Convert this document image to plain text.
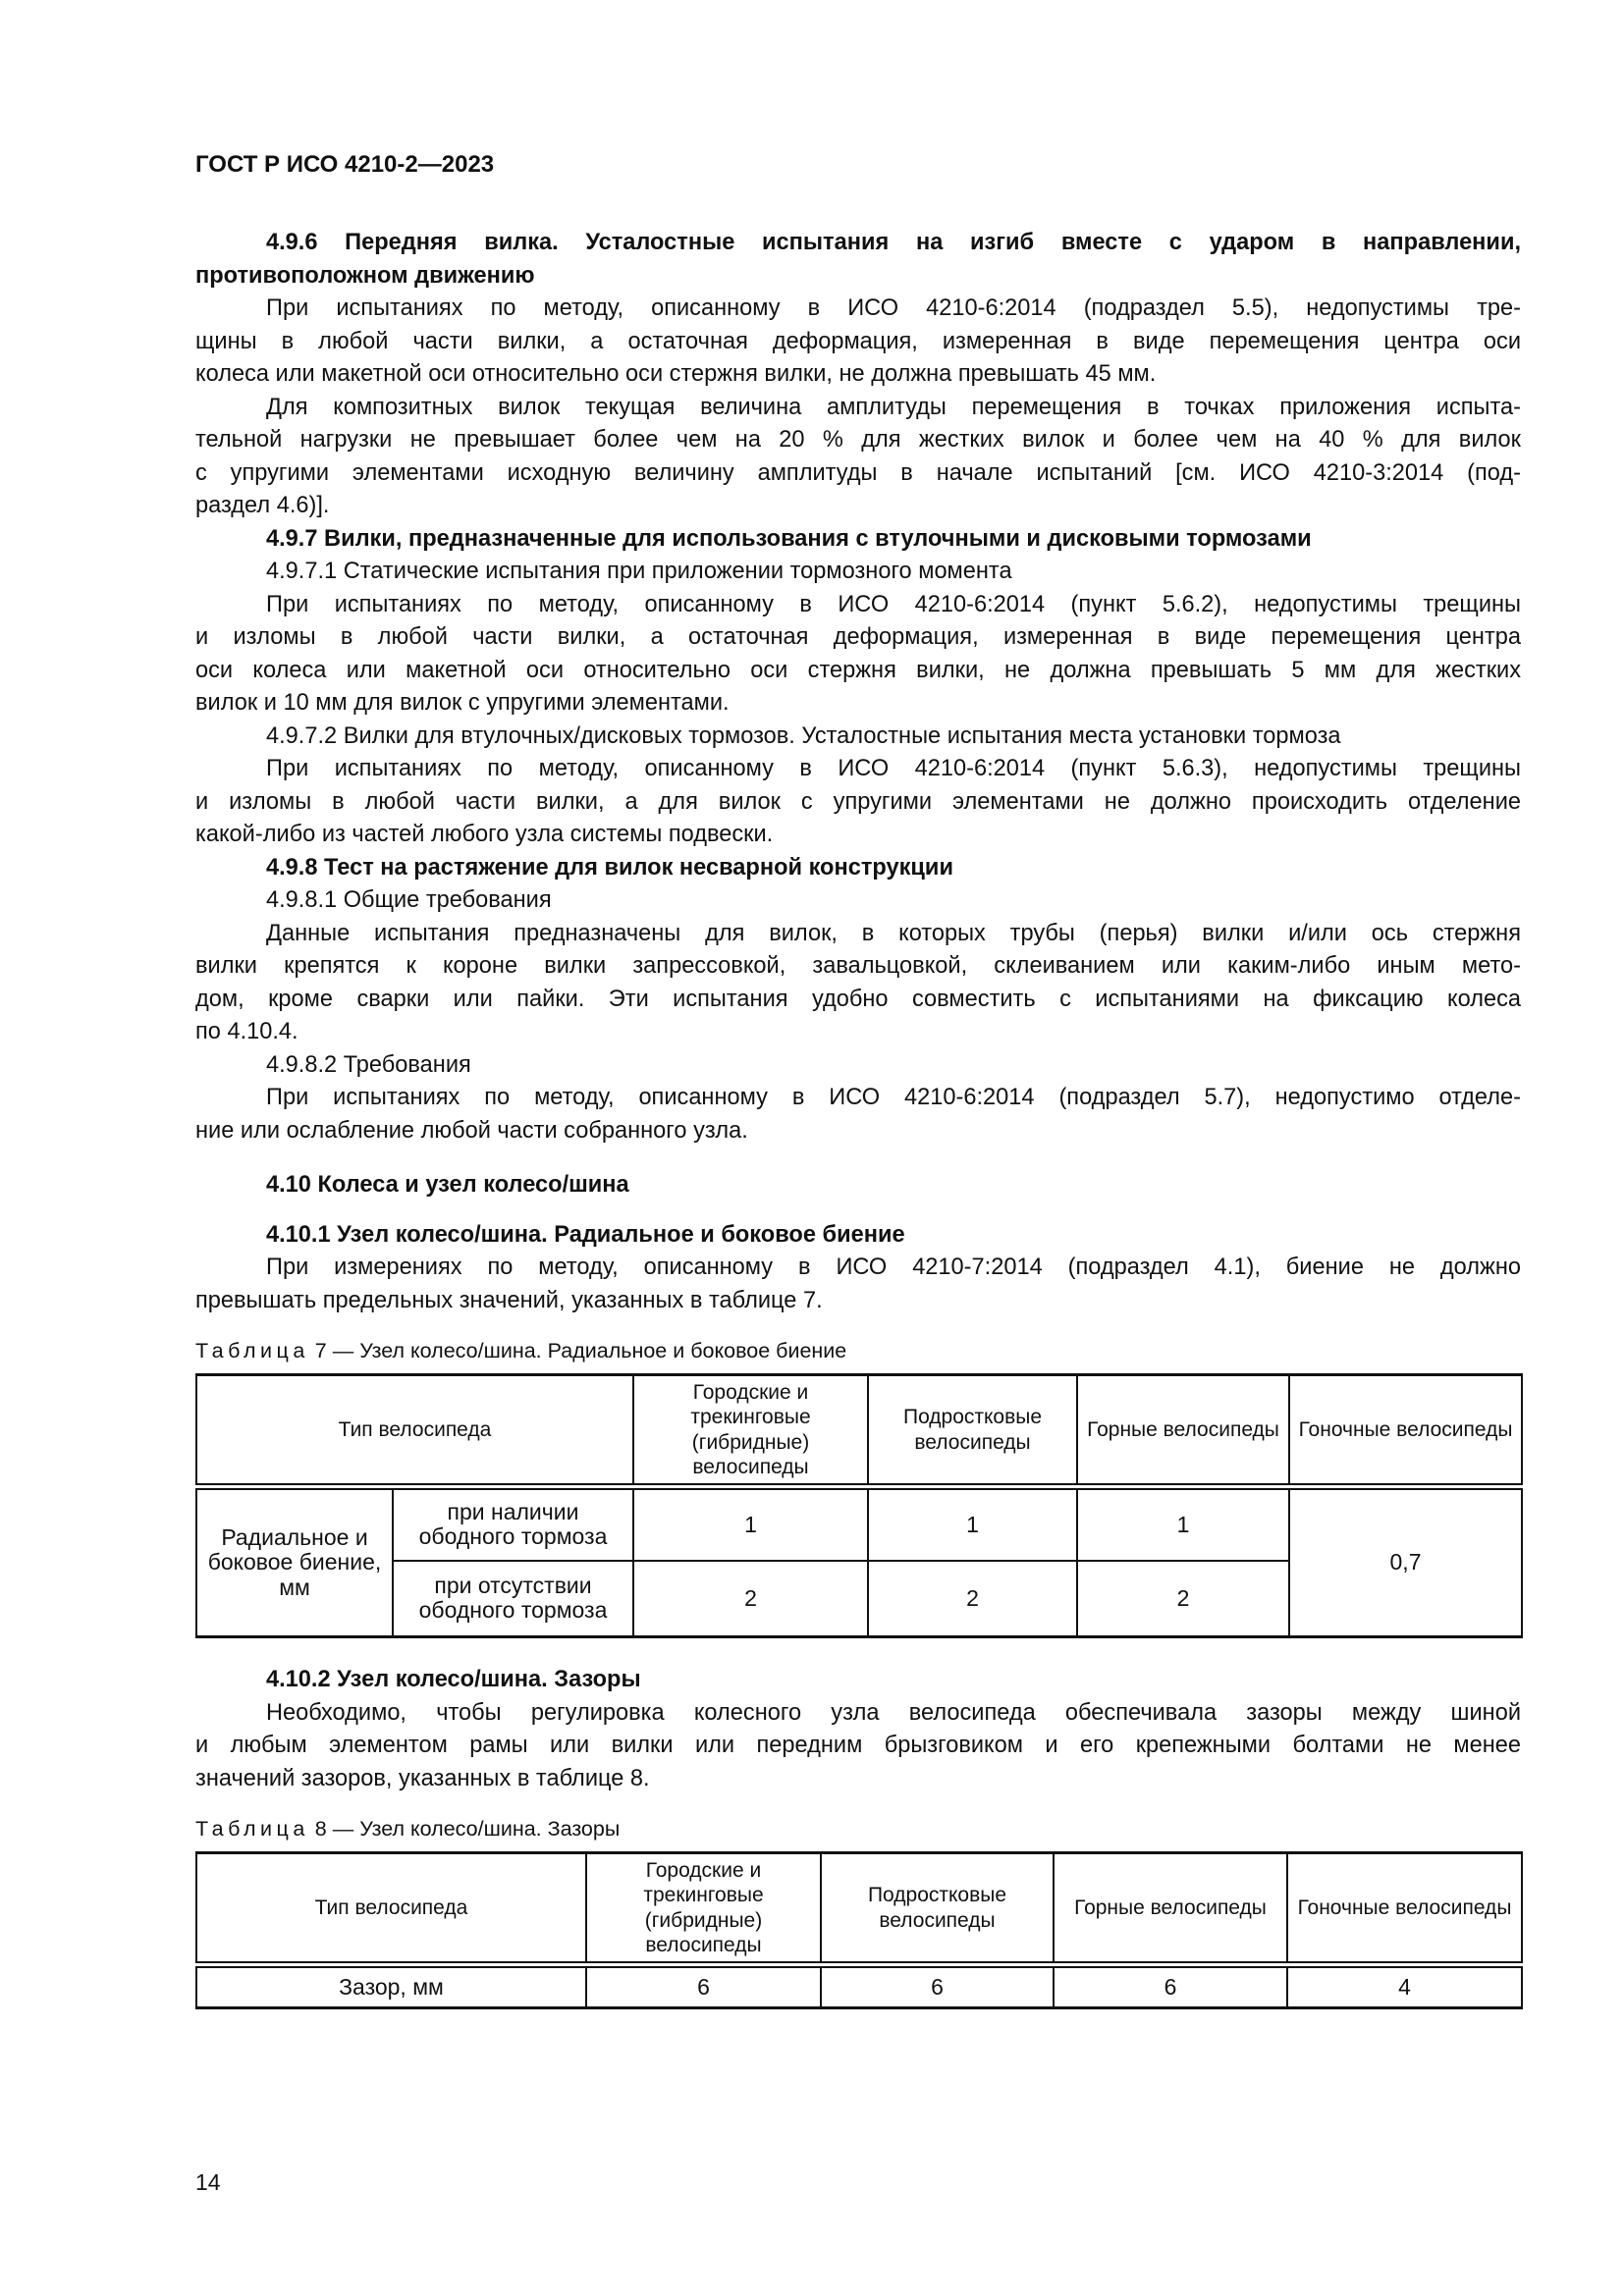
ГОСТ Р ИСО 4210-2—2023
4.9.6 Передняя вилка. Усталостные испытания на изгиб вместе с ударом в направлении,
противоположном движению
При испытаниях по методу, описанному в ИСО 4210-6:2014 (подраздел 5.5), недопустимы тре-
щины в любой части вилки, а остаточная деформация, измеренная в виде перемещения центра оси
колеса или макетной оси относительно оси стержня вилки, не должна превышать 45 мм.
Для композитных вилок текущая величина амплитуды перемещения в точках приложения испыта-
тельной нагрузки не превышает более чем на 20 % для жестких вилок и более чем на 40 % для вилок
с упругими элементами исходную величину амплитуды в начале испытаний [см. ИСО 4210-3:2014 (под-
раздел 4.6)].
4.9.7 Вилки, предназначенные для использования с втулочными и дисковыми тормозами
4.9.7.1 Статические испытания при приложении тормозного момента
При испытаниях по методу, описанному в ИСО 4210-6:2014 (пункт 5.6.2), недопустимы трещины
и изломы в любой части вилки, а остаточная деформация, измеренная в виде перемещения центра
оси колеса или макетной оси относительно оси стержня вилки, не должна превышать 5 мм для жестких
вилок и 10 мм для вилок с упругими элементами.
4.9.7.2 Вилки для втулочных/дисковых тормозов. Усталостные испытания места установки тормоза
При испытаниях по методу, описанному в ИСО 4210-6:2014 (пункт 5.6.3), недопустимы трещины
и изломы в любой части вилки, а для вилок с упругими элементами не должно происходить отделение
какой-либо из частей любого узла системы подвески.
4.9.8 Тест на растяжение для вилок несварной конструкции
4.9.8.1 Общие требования
Данные испытания предназначены для вилок, в которых трубы (перья) вилки и/или ось стержня
вилки крепятся к короне вилки запрессовкой, завальцовкой, склеиванием или каким-либо иным мето-
дом, кроме сварки или пайки. Эти испытания удобно совместить с испытаниями на фиксацию колеса
по 4.10.4.
4.9.8.2 Требования
При испытаниях по методу, описанному в ИСО 4210-6:2014 (подраздел 5.7), недопустимо отделе-
ние или ослабление любой части собранного узла.
4.10 Колеса и узел колесо/шина
4.10.1 Узел колесо/шина. Радиальное и боковое биение
При измерениях по методу, описанному в ИСО 4210-7:2014 (подраздел 4.1), биение не должно
превышать предельных значений, указанных в таблице 7.
Таблица 7 — Узел колесо/шина. Радиальное и боковое биение
Тип велосипеда		Городские и трекинговые (гибридные) велосипеды	Подростковые велосипеды	Горные велосипеды	Гоночные велосипеды
Радиальное и боковое биение, мм	при наличии ободного тормоза	1	1	1	0,7
	при отсутствии ободного тормоза	2	2	2	
4.10.2 Узел колесо/шина. Зазоры
Необходимо, чтобы регулировка колесного узла велосипеда обеспечивала зазоры между шиной
и любым элементом рамы или вилки или передним брызговиком и его крепежными болтами не менее
значений зазоров, указанных в таблице 8.
Таблица 8 — Узел колесо/шина. Зазоры
Тип велосипеда	Городские и трекинговые (гибридные) велосипеды	Подростковые велосипеды	Горные велосипеды	Гоночные велосипеды
Зазор, мм	6	6	6	4
14
